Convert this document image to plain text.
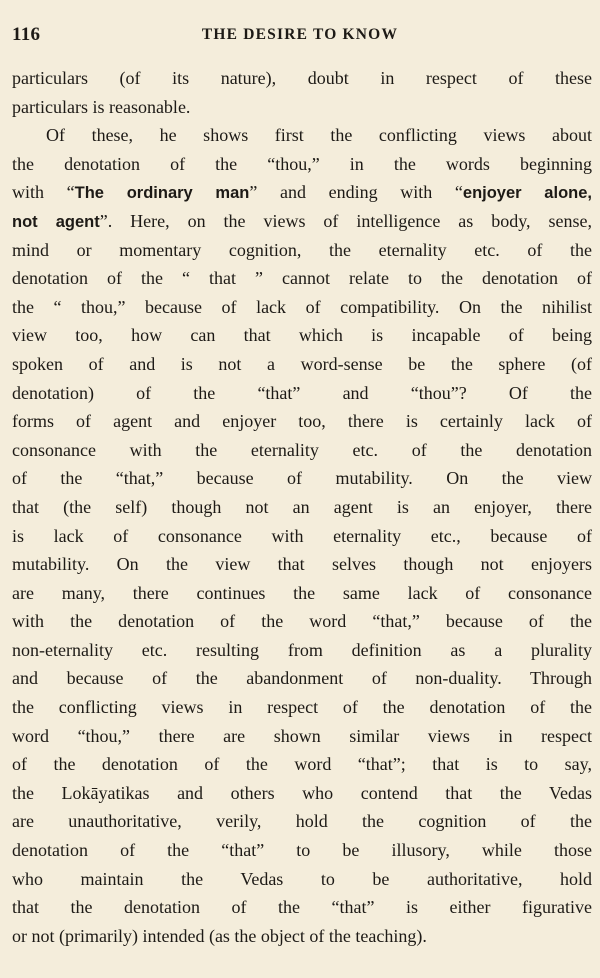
116	THE DESIRE TO KNOW
particulars (of its nature), doubt in respect of these
particulars is reasonable.
Of these, he shows first the conflicting views about
the denotation of the “thou,” in the words beginning
with “The ordinary man” and ending with “enjoyer alone,
not agent”. Here, on the views of intelligence as body, sense,
mind or momentary cognition, the eternality etc. of the
denotation of the “ that ” cannot relate to the denotation of
the “ thou,” because of lack of compatibility. On the nihilist
view too, how can that which is incapable of being
spoken of and is not a word-sense be the sphere (of
denotation) of the “that” and “thou”? Of the
forms of agent and enjoyer too, there is certainly lack of
consonance with the eternality etc. of the denotation
of the “that,” because of mutability. On the view
that (the self) though not an agent is an enjoyer, there
is lack of consonance with eternality etc., because of
mutability. On the view that selves though not enjoyers
are many, there continues the same lack of consonance
with the denotation of the word “that,” because of the
non-eternality etc. resulting from definition as a plurality
and because of the abandonment of non-duality. Through
the conflicting views in respect of the denotation of the
word “thou,” there are shown similar views in respect
of the denotation of the word “that”; that is to say,
the Lokāyatikas and others who contend that the Vedas
are unauthoritative, verily, hold the cognition of the
denotation of the “that” to be illusory, while those
who maintain the Vedas to be authoritative, hold
that the denotation of the “that” is either figurative
or not (primarily) intended (as the object of the teaching).
